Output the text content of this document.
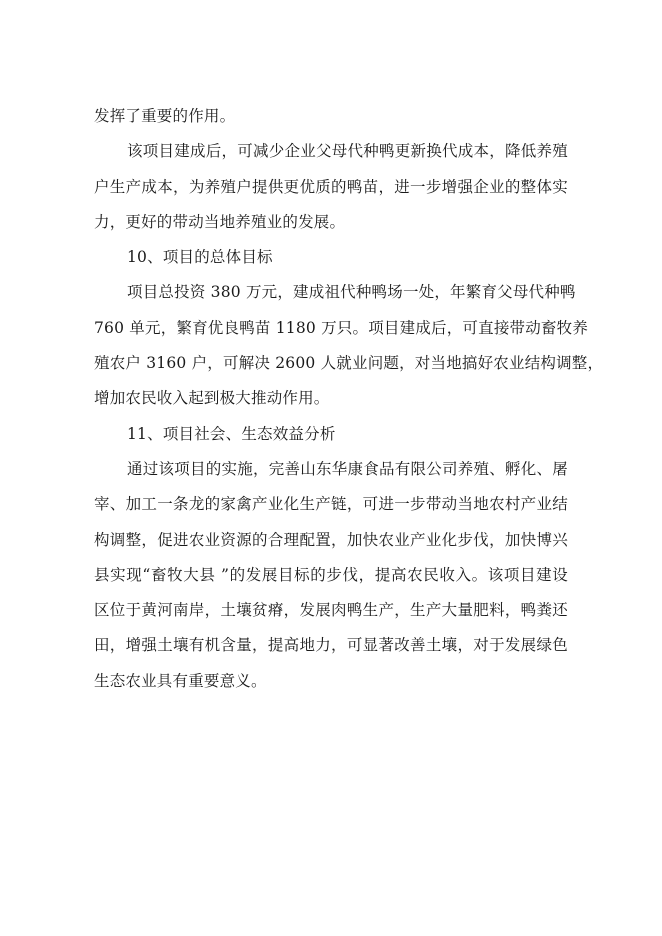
发挥了重要的作用。
该项目建成后，可减少企业父母代种鸭更新换代成本，降低养殖
户生产成本，为养殖户提供更优质的鸭苗，进一步增强企业的整体实
力，更好的带动当地养殖业的发展。
10、项目的总体目标
项目总投资 380 万元，建成祖代种鸭场一处，年繁育父母代种鸭
760 单元，繁育优良鸭苗 1180 万只。项目建成后，可直接带动畜牧养
殖农户 3160 户，可解决 2600 人就业问题，对当地搞好农业结构调整，
增加农民收入起到极大推动作用。
11、项目社会、生态效益分析
通过该项目的实施，完善山东华康食品有限公司养殖、孵化、屠
宰、加工一条龙的家禽产业化生产链，可进一步带动当地农村产业结
构调整，促进农业资源的合理配置，加快农业产业化步伐，加快博兴
县实现“畜牧大县 ”的发展目标的步伐，提高农民收入。该项目建设
区位于黄河南岸，土壤贫瘠，发展肉鸭生产，生产大量肥料，鸭粪还
田，增强土壤有机含量，提高地力，可显著改善土壤，对于发展绿色
生态农业具有重要意义。
